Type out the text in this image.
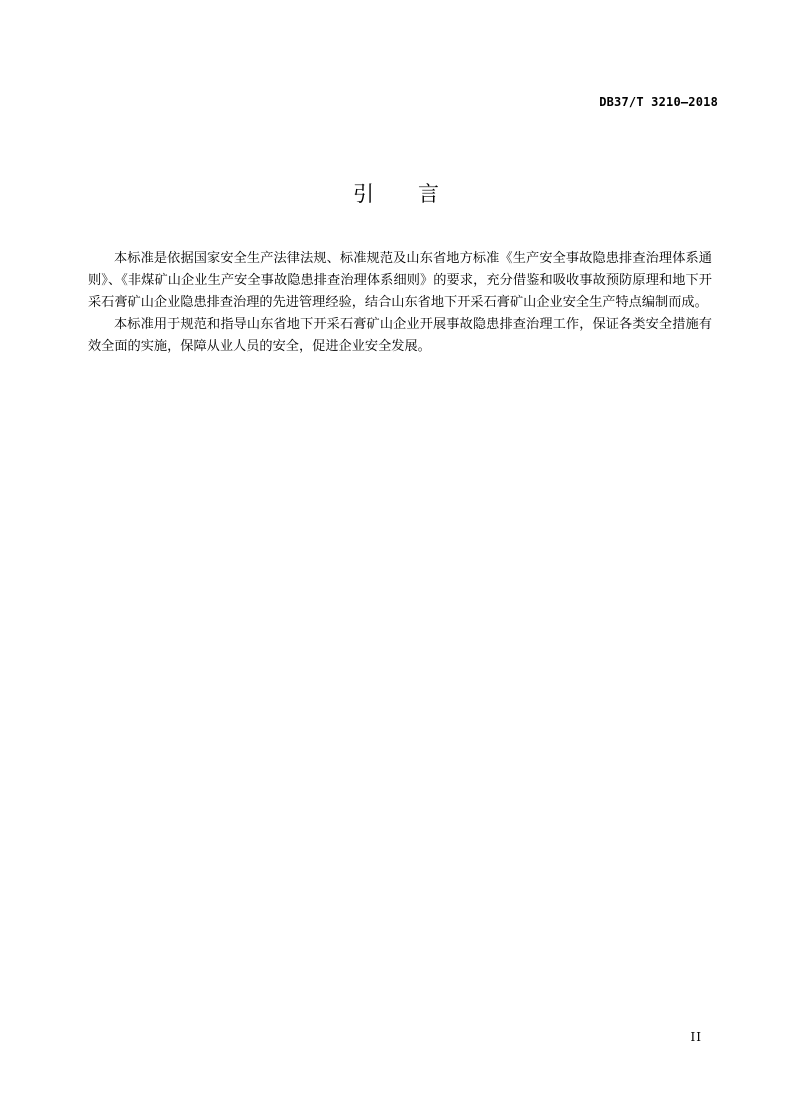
DB37/T 3210—2018
引言

本标准是依据国家安全生产法律法规、标准规范及山东省地方标准《生产安全事故隐患排查治理体系通则》、《非煤矿山企业生产安全事故隐患排查治理体系细则》的要求，充分借鉴和吸收事故预防原理和地下开采石膏矿山企业隐患排查治理的先进管理经验，结合山东省地下开采石膏矿山企业安全生产特点编制而成。

本标准用于规范和指导山东省地下开采石膏矿山企业开展事故隐患排查治理工作，保证各类安全措施有效全面的实施，保障从业人员的安全，促进企业安全发展。

II
